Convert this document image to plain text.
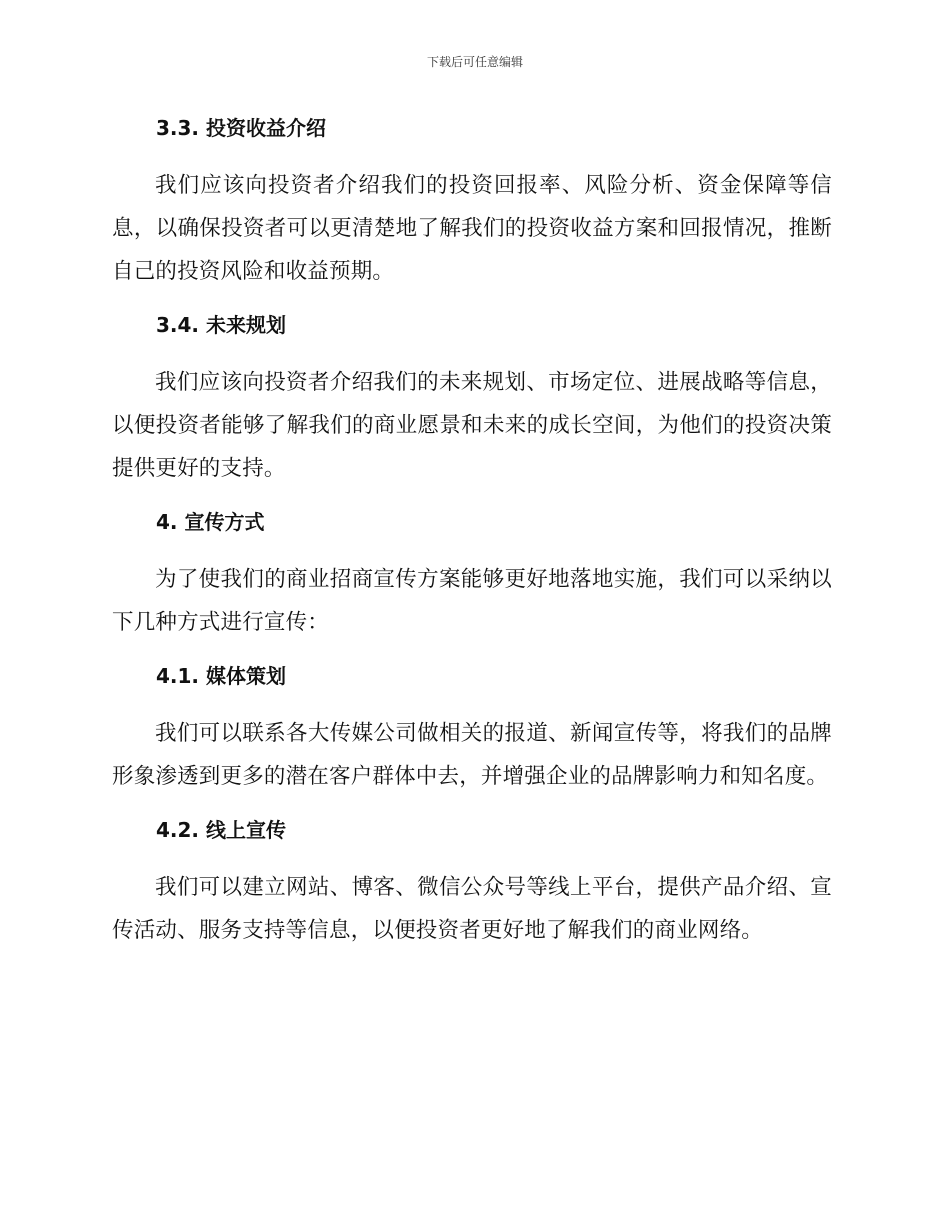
下载后可任意编辑
3.3. 投资收益介绍

我们应该向投资者介绍我们的投资回报率、风险分析、资金保障等信息，以确保投资者可以更清楚地了解我们的投资收益方案和回报情况，推断自己的投资风险和收益预期。

3.4. 未来规划

我们应该向投资者介绍我们的未来规划、市场定位、进展战略等信息，以便投资者能够了解我们的商业愿景和未来的成长空间，为他们的投资决策提供更好的支持。

4. 宣传方式

为了使我们的商业招商宣传方案能够更好地落地实施，我们可以采纳以下几种方式进行宣传：

4.1. 媒体策划

我们可以联系各大传媒公司做相关的报道、新闻宣传等，将我们的品牌形象渗透到更多的潜在客户群体中去，并增强企业的品牌影响力和知名度。

4.2. 线上宣传

我们可以建立网站、博客、微信公众号等线上平台，提供产品介绍、宣传活动、服务支持等信息，以便投资者更好地了解我们的商业网络。
